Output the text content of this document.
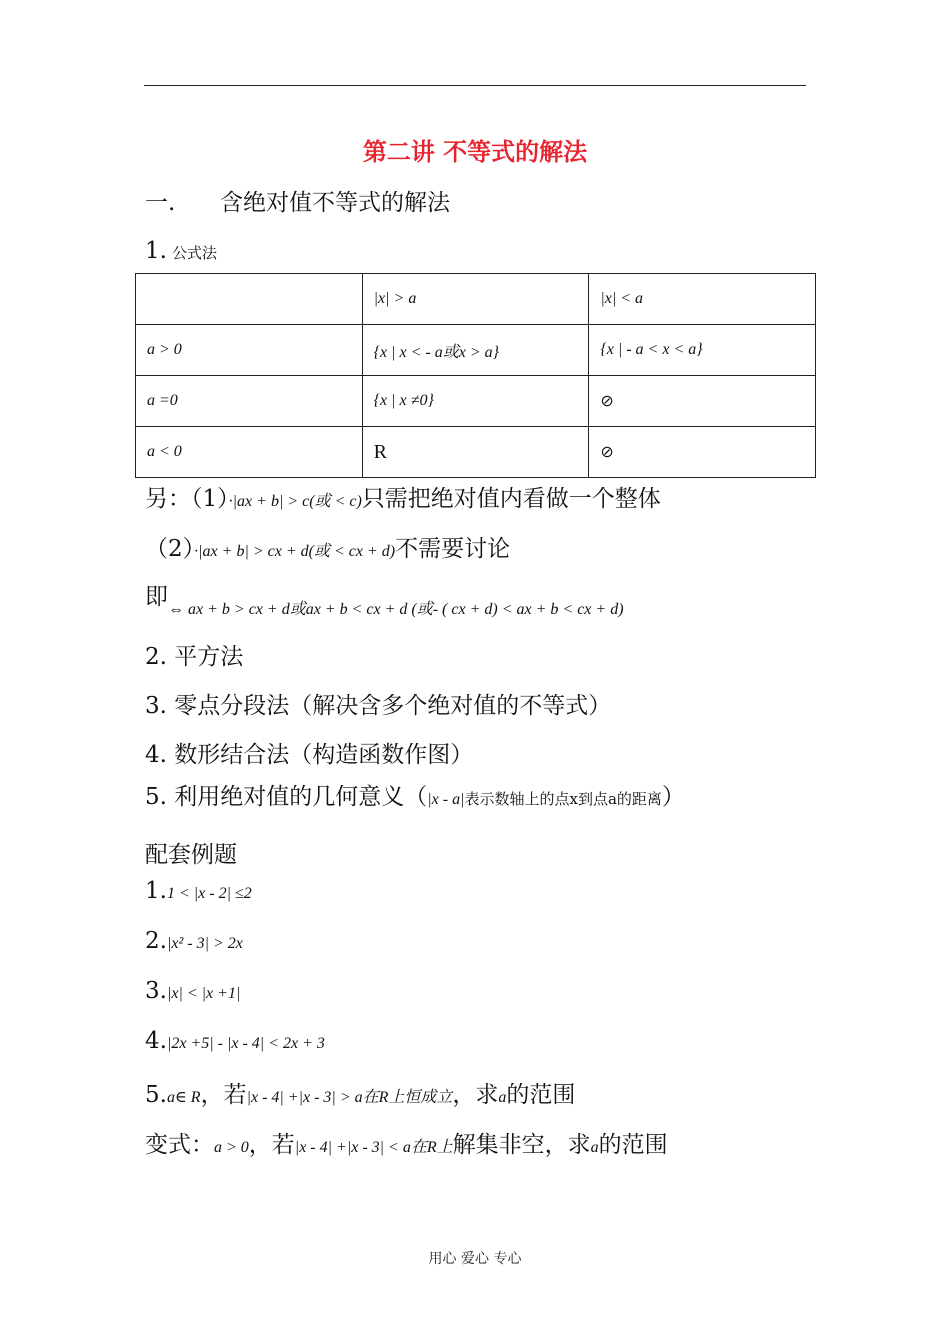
第二讲 不等式的解法
一. 含绝对值不等式的解法
1. 公式法
	|x| > a	|x| < a
a > 0	{x | x < - a或x > a}	{x | - a < x < a}
a =0	{x | x ≠0}	⊘
a < 0	R	⊘
另：（1）·|ax + b| > c(或 < c)只需把绝对值内看做一个整体
（2）·|ax + b| > cx + d(或 < cx + d)不需要讨论
即⇔ ax + b > cx + d或ax + b < cx + d (或- ( cx + d) < ax + b < cx + d)
2. 平方法
3. 零点分段法（解决含多个绝对值的不等式）
4. 数形结合法（构造函数作图）
5. 利用绝对值的几何意义（|x - a|表示数轴上的点x到点a的距离）
配套例题
1.1 < |x - 2| ≤2
2.|x² - 3| > 2x
3.|x| < |x +1|
4.|2x +5| - |x - 4| < 2x + 3
5.a∈ R，若|x - 4| +|x - 3| > a在R上恒成立，求a的范围
变式：a > 0，若|x - 4| +|x - 3| < a在R上解集非空，求a的范围
用心 爱心 专心
